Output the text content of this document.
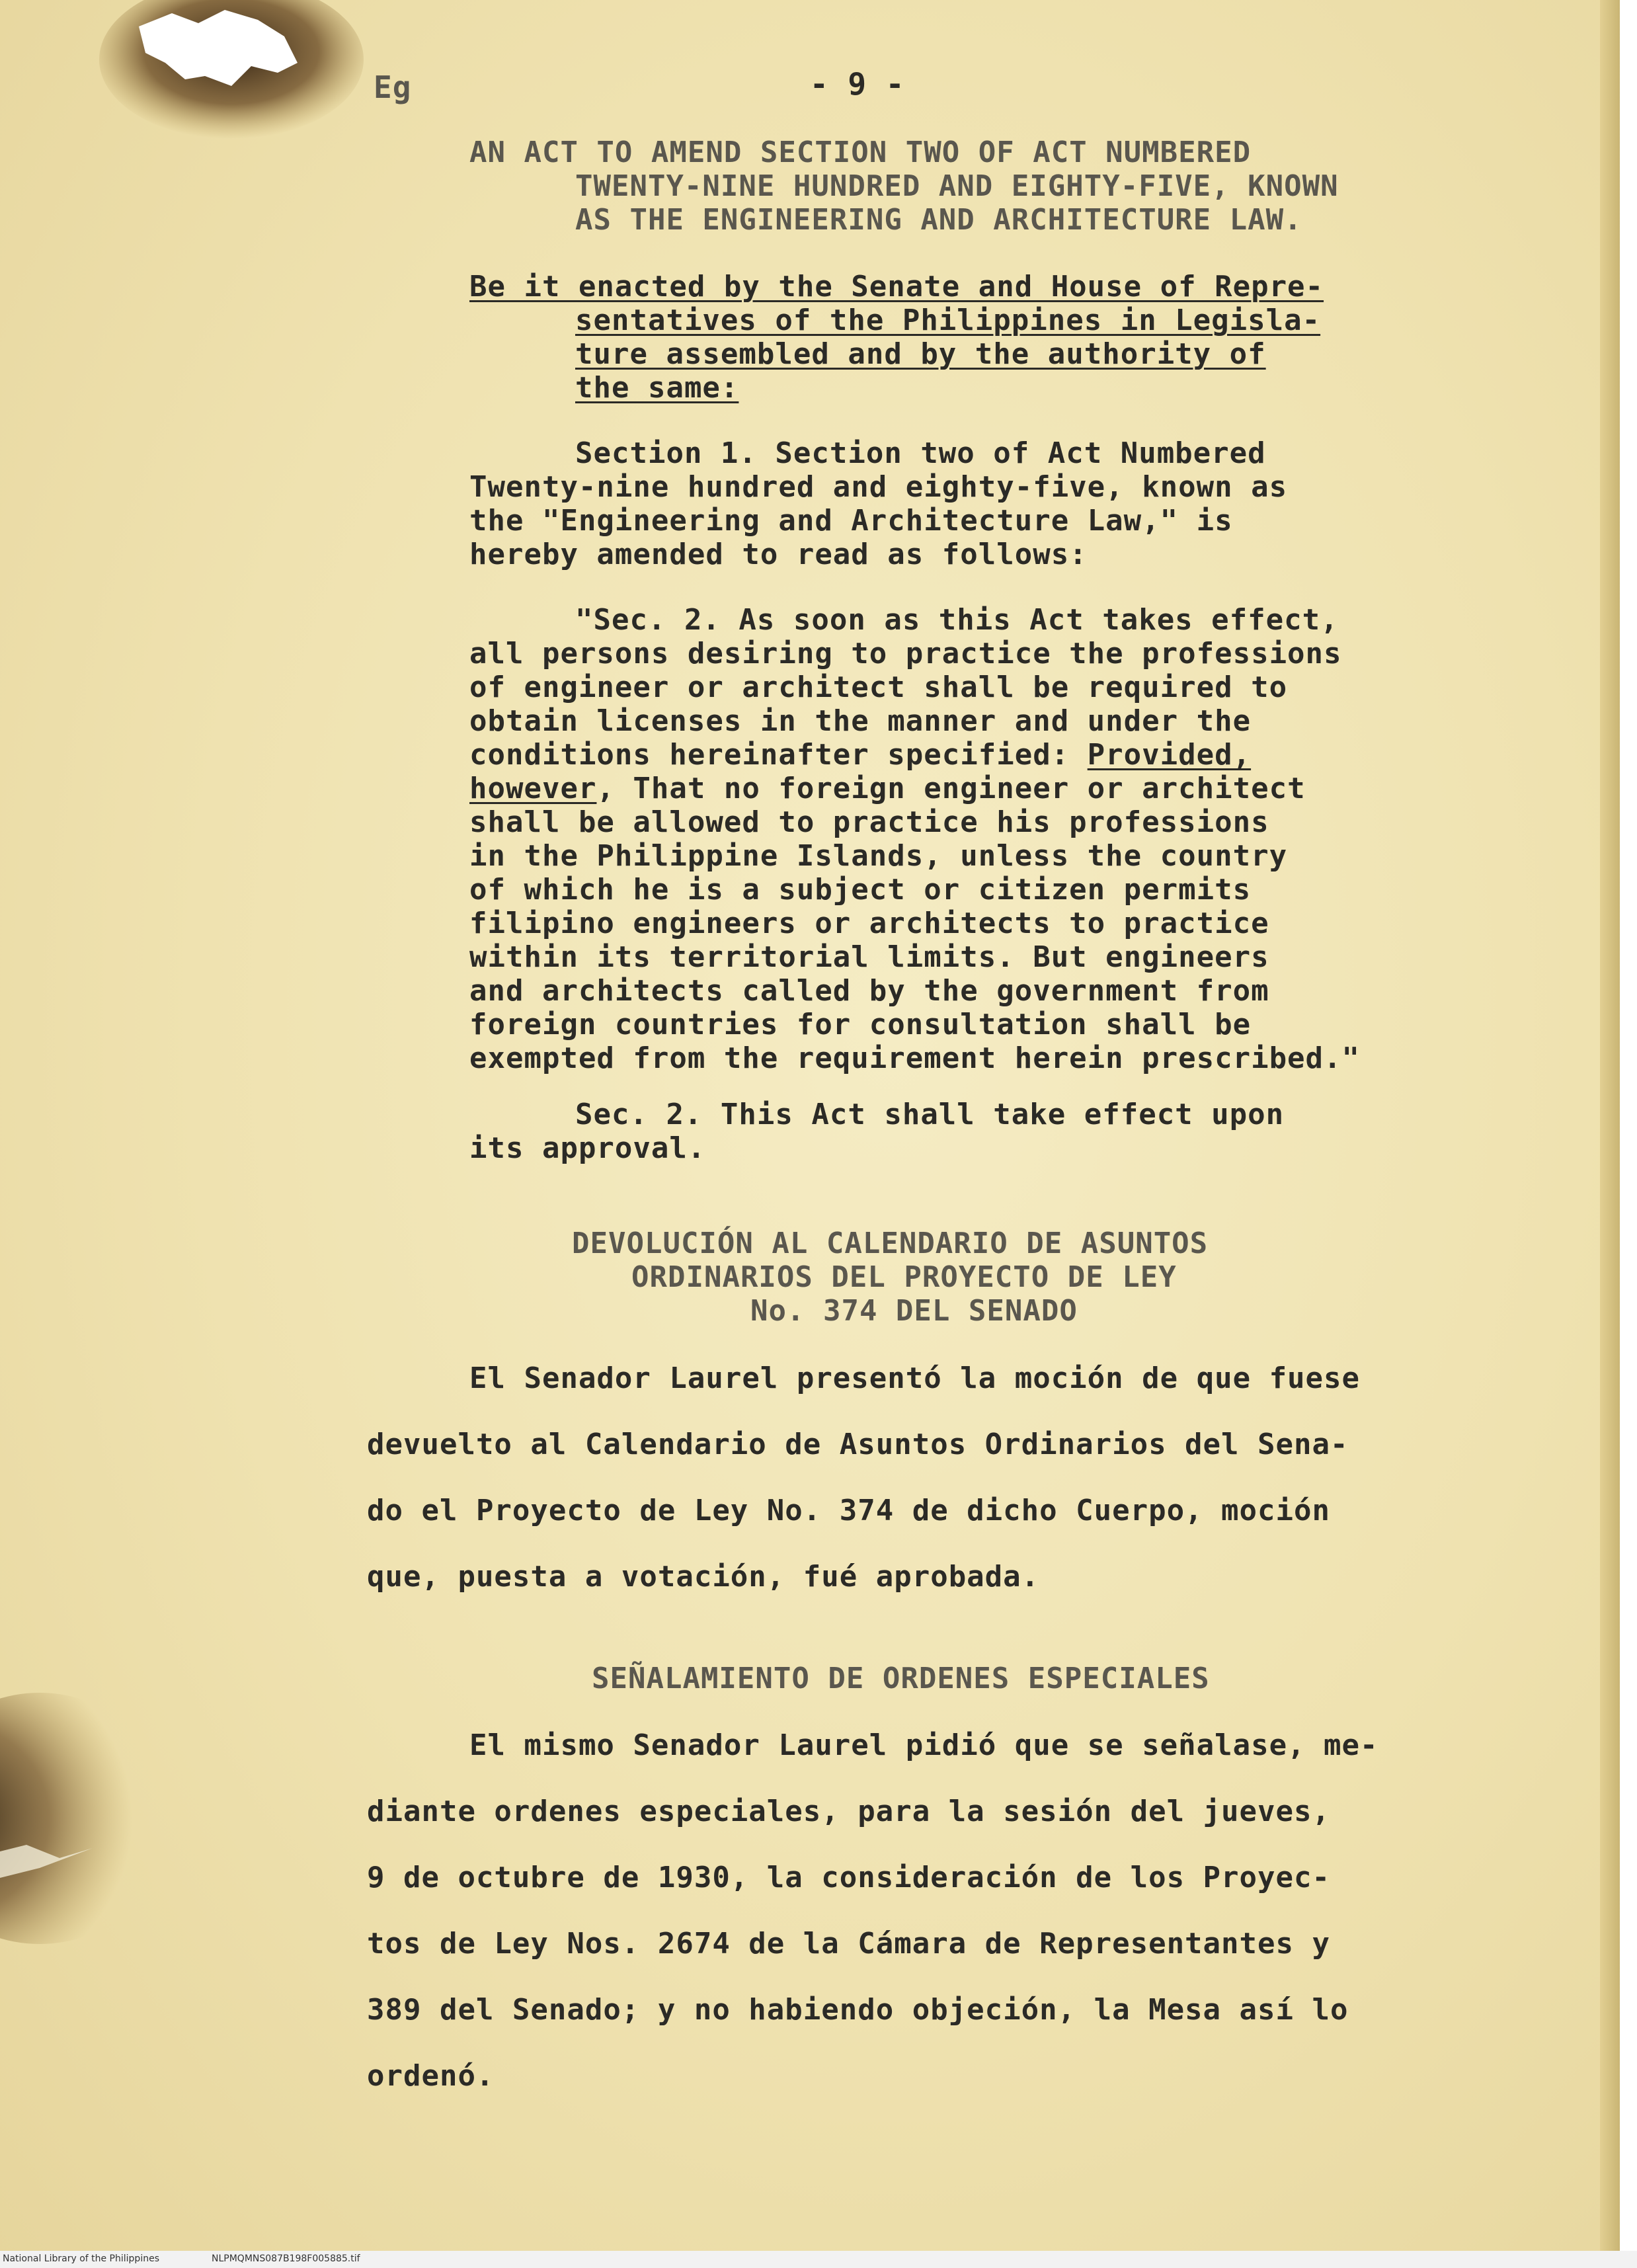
Eg	- 9 -
AN ACT TO AMEND SECTION TWO OF ACT NUMBERED
TWENTY-NINE HUNDRED AND EIGHTY-FIVE, KNOWN
AS THE ENGINEERING AND ARCHITECTURE LAW.
Be it enacted by the Senate and House of Repre-
sentatives of the Philippines in Legisla-
ture assembled and by the authority of
the same:
Section 1. Section two of Act Numbered
Twenty-nine hundred and eighty-five, known as
the "Engineering and Architecture Law," is
hereby amended to read as follows:
"Sec. 2. As soon as this Act takes effect,
all persons desiring to practice the professions
of engineer or architect shall be required to
obtain licenses in the manner and under the
conditions hereinafter specified: Provided,
however, That no foreign engineer or architect
shall be allowed to practice his professions
in the Philippine Islands, unless the country
of which he is a subject or citizen permits
filipino engineers or architects to practice
within its territorial limits. But engineers
and architects called by the government from
foreign countries for consultation shall be
exempted from the requirement herein prescribed."
Sec. 2. This Act shall take effect upon
its approval.
DEVOLUCIÓN AL CALENDARIO DE ASUNTOS
ORDINARIOS DEL PROYECTO DE LEY
No. 374 DEL SENADO
El Senador Laurel presentó la moción de que fuese
devuelto al Calendario de Asuntos Ordinarios del Sena-
do el Proyecto de Ley No. 374 de dicho Cuerpo, moción
que, puesta a votación, fué aprobada.
SEÑALAMIENTO DE ORDENES ESPECIALES
El mismo Senador Laurel pidió que se señalase, me-
diante ordenes especiales, para la sesión del jueves,
9 de octubre de 1930, la consideración de los Proyec-
tos de Ley Nos. 2674 de la Cámara de Representantes y
389 del Senado; y no habiendo objeción, la Mesa así lo
ordenó.
National Library of the Philippines	NLPMQMNS087B198F005885.tif
